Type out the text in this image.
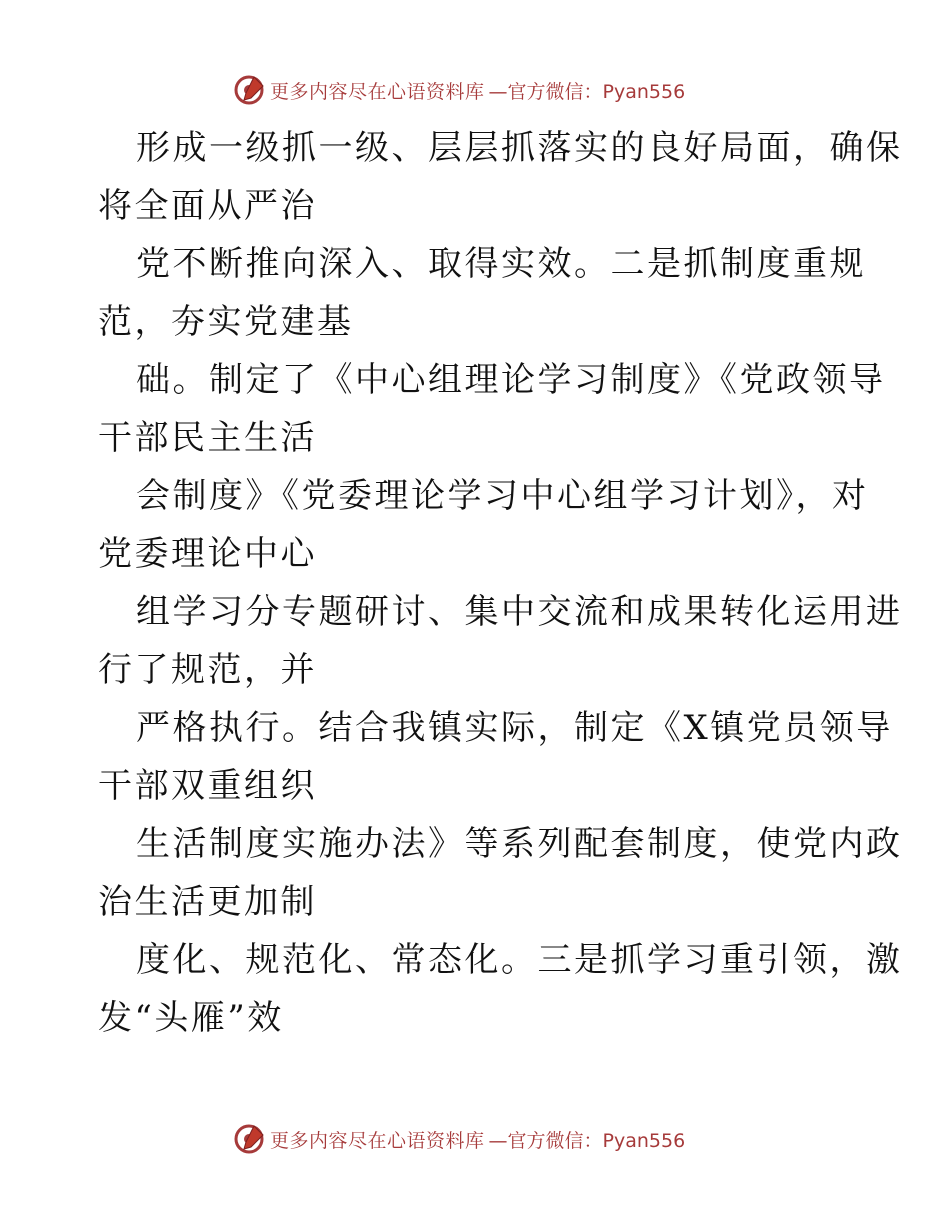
更多内容尽在心语资料库 —官方微信：Pyan556
形成一级抓一级、层层抓落实的良好局面，确保
将全面从严治
党不断推向深入、取得实效。二是抓制度重规
范，夯实党建基
础。制定了《中心组理论学习制度》《党政领导
干部民主生活
会制度》《党委理论学习中心组学习计划》，对
党委理论中心
组学习分专题研讨、集中交流和成果转化运用进
行了规范，并
严格执行。结合我镇实际，制定《X镇党员领导
干部双重组织
生活制度实施办法》等系列配套制度，使党内政
治生活更加制
度化、规范化、常态化。三是抓学习重引领，激
发“头雁”效
更多内容尽在心语资料库 —官方微信：Pyan556
